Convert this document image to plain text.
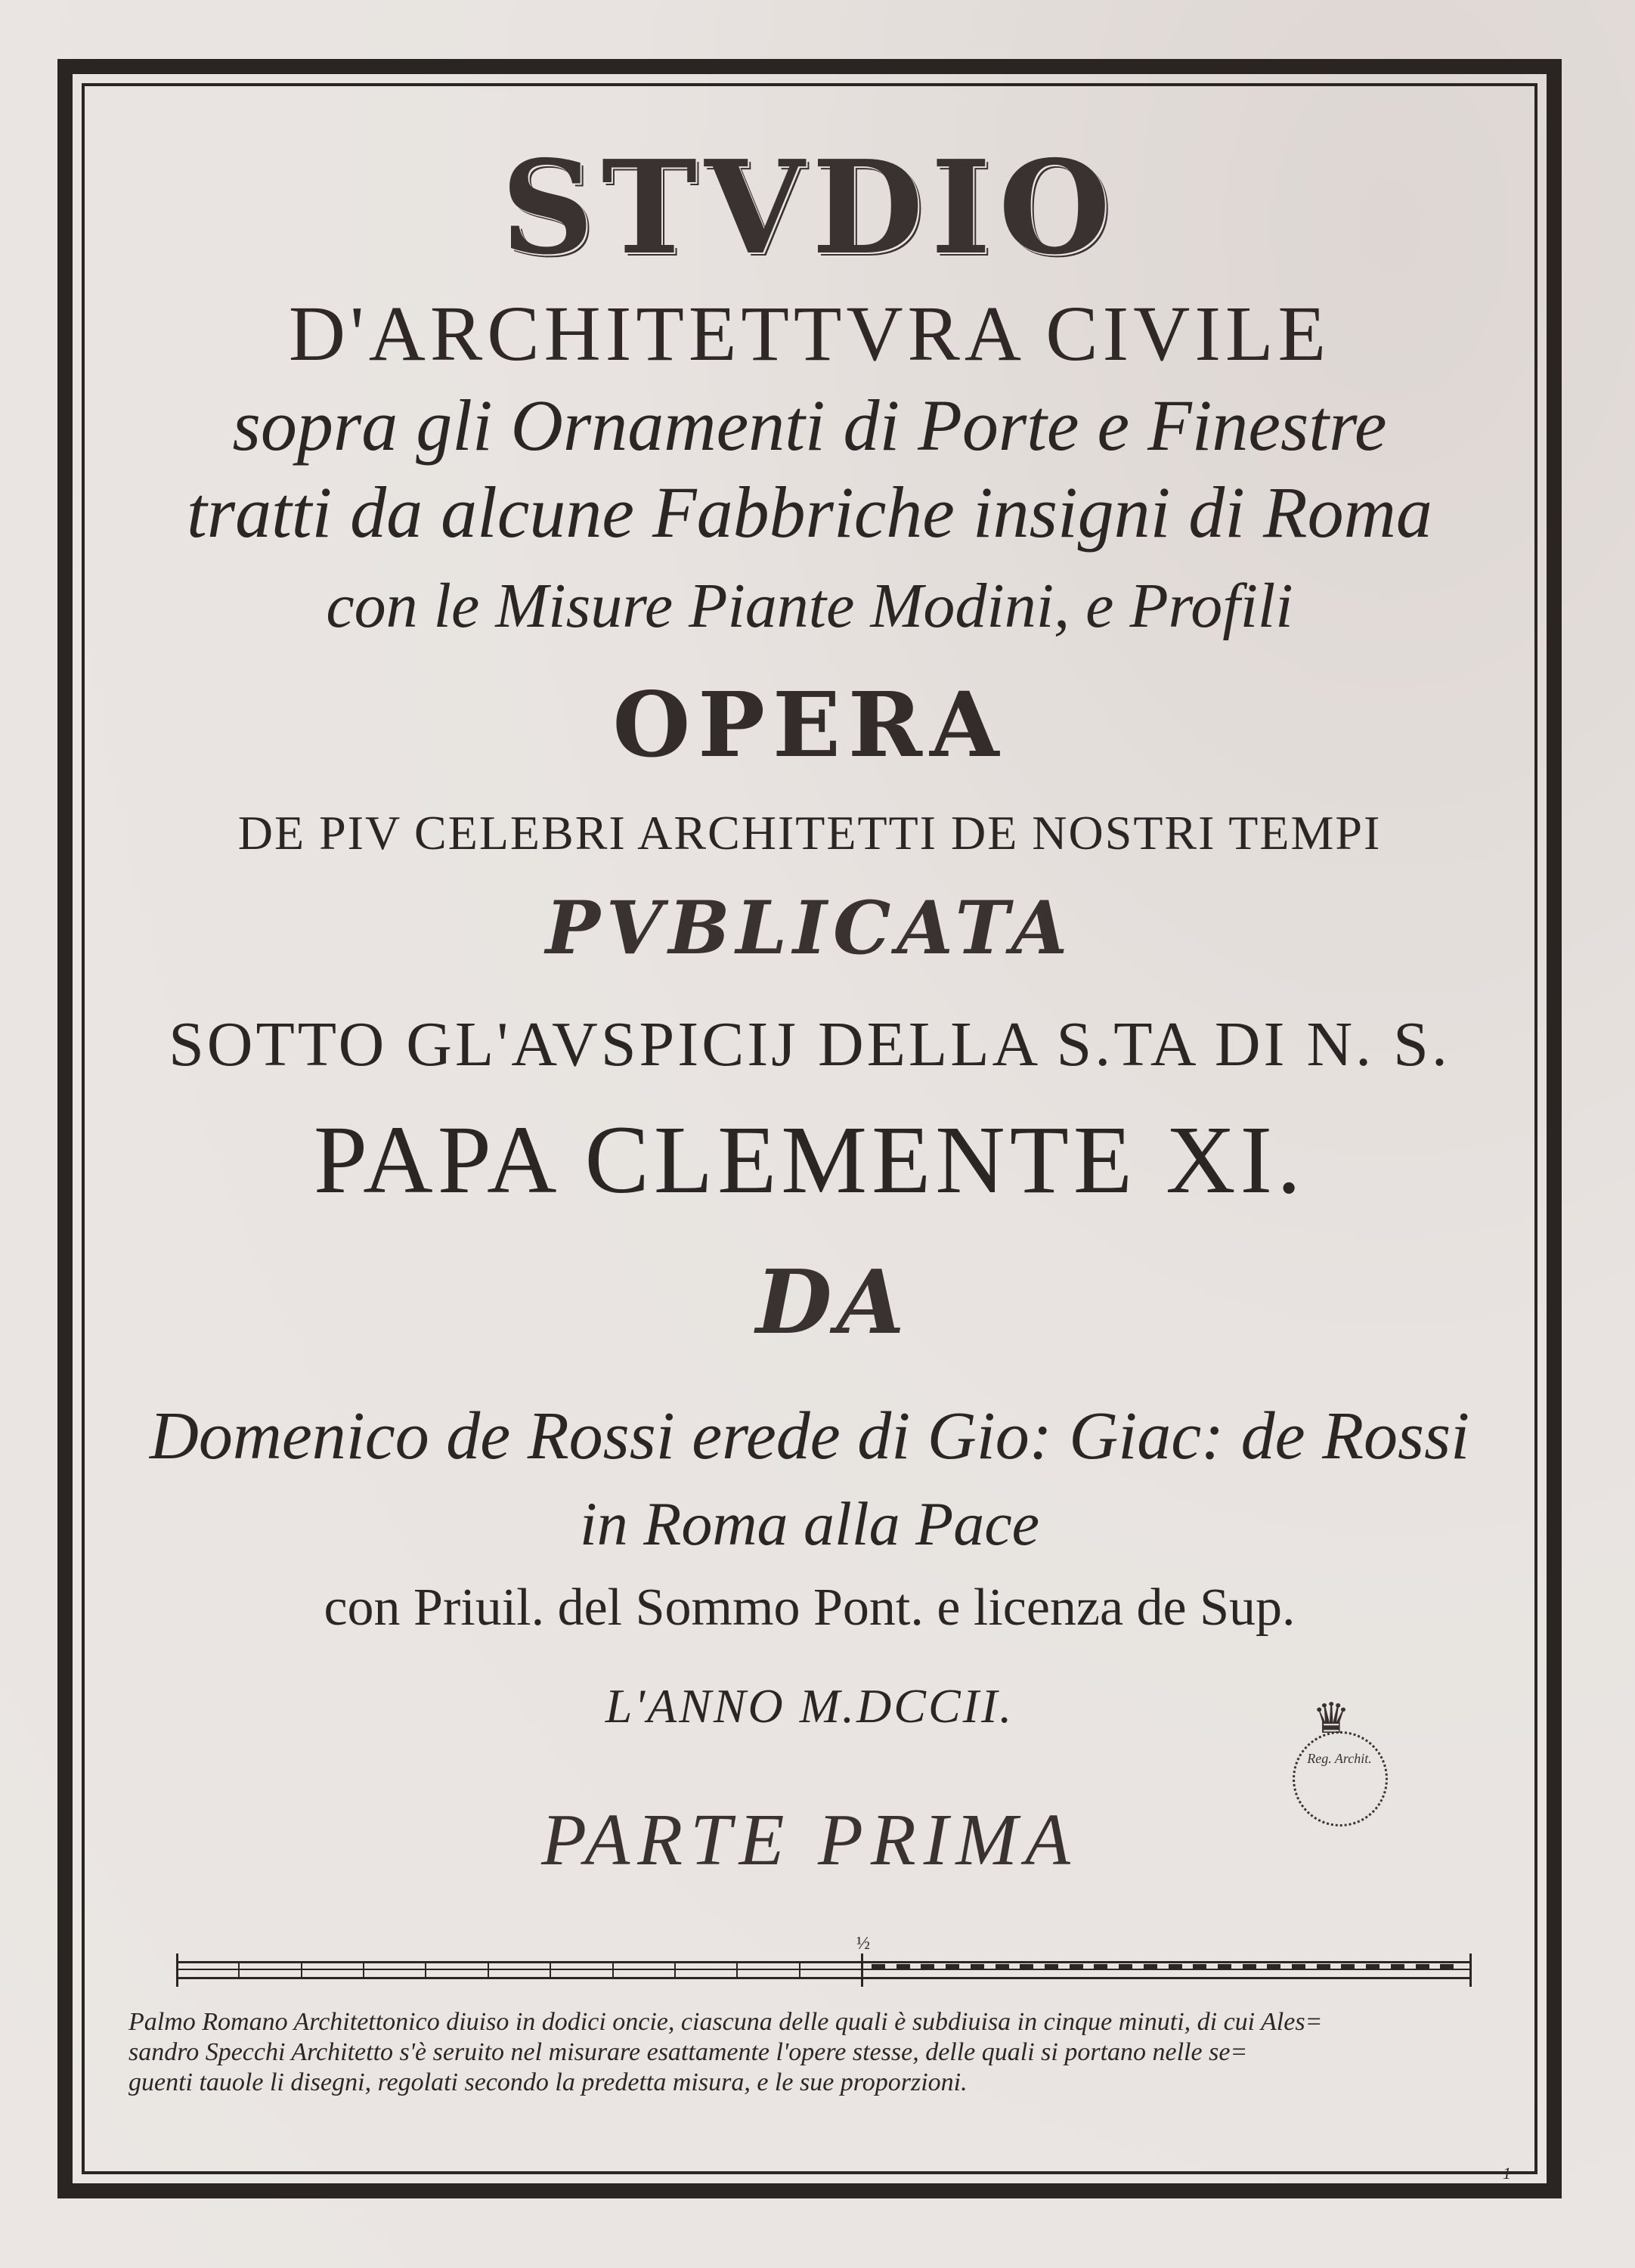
STVDIO
D'ARCHITETTVRA CIVILE
sopra gli Ornamenti di Porte e Finestre
tratti da alcune Fabbriche insigni di Roma
con le Misure Piante Modini, e Profili
OPERA
DE PIV CELEBRI ARCHITETTI DE NOSTRI TEMPI
PVBLICATA
SOTTO GL'AVSPICIJ DELLA S.TA DI N. S.
PAPA CLEMENTE XI.
DA
Domenico de Rossi erede di Gio: Giac: de Rossi
in Roma alla Pace
con Priuil. del Sommo Pont. e licenza de Sup.
L'ANNO M.DCCII.
PARTE PRIMA
♛
Reg. Archit.
½
Palmo Romano Architettonico diuiso in dodici oncie, ciascuna delle quali è subdiuisa in cinque minuti, di cui Ales=
sandro Specchi Architetto s'è seruito nel misurare esattamente l'opere stesse, delle quali si portano nelle se=
guenti tauole li disegni, regolati secondo la predetta misura, e le sue proporzioni.
1
